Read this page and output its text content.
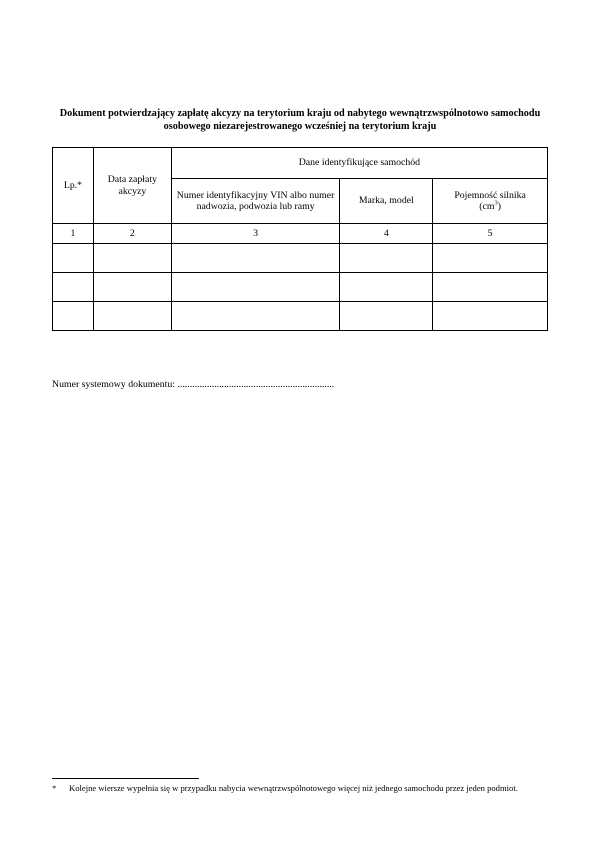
Dokument potwierdzający zapłatę akcyzy na terytorium kraju od nabytego wewnątrzwspólnotowo samochodu
osobowego niezarejestrowanego wcześniej na terytorium kraju
Lp.*	Data zapłaty akcyzy	Dane identyfikujące samochód		
		Numer identyfikacyjny VIN albo numer nadwozia, podwozia lub ramy	Marka, model	Pojemność silnika
$(cm^3)$
1	2	3	4	5

Numer systemowy dokumentu: ................................................................
* Kolejne wiersze wypełnia się w przypadku nabycia wewnątrzwspólnotowego więcej niż jednego samochodu przez jeden podmiot.
